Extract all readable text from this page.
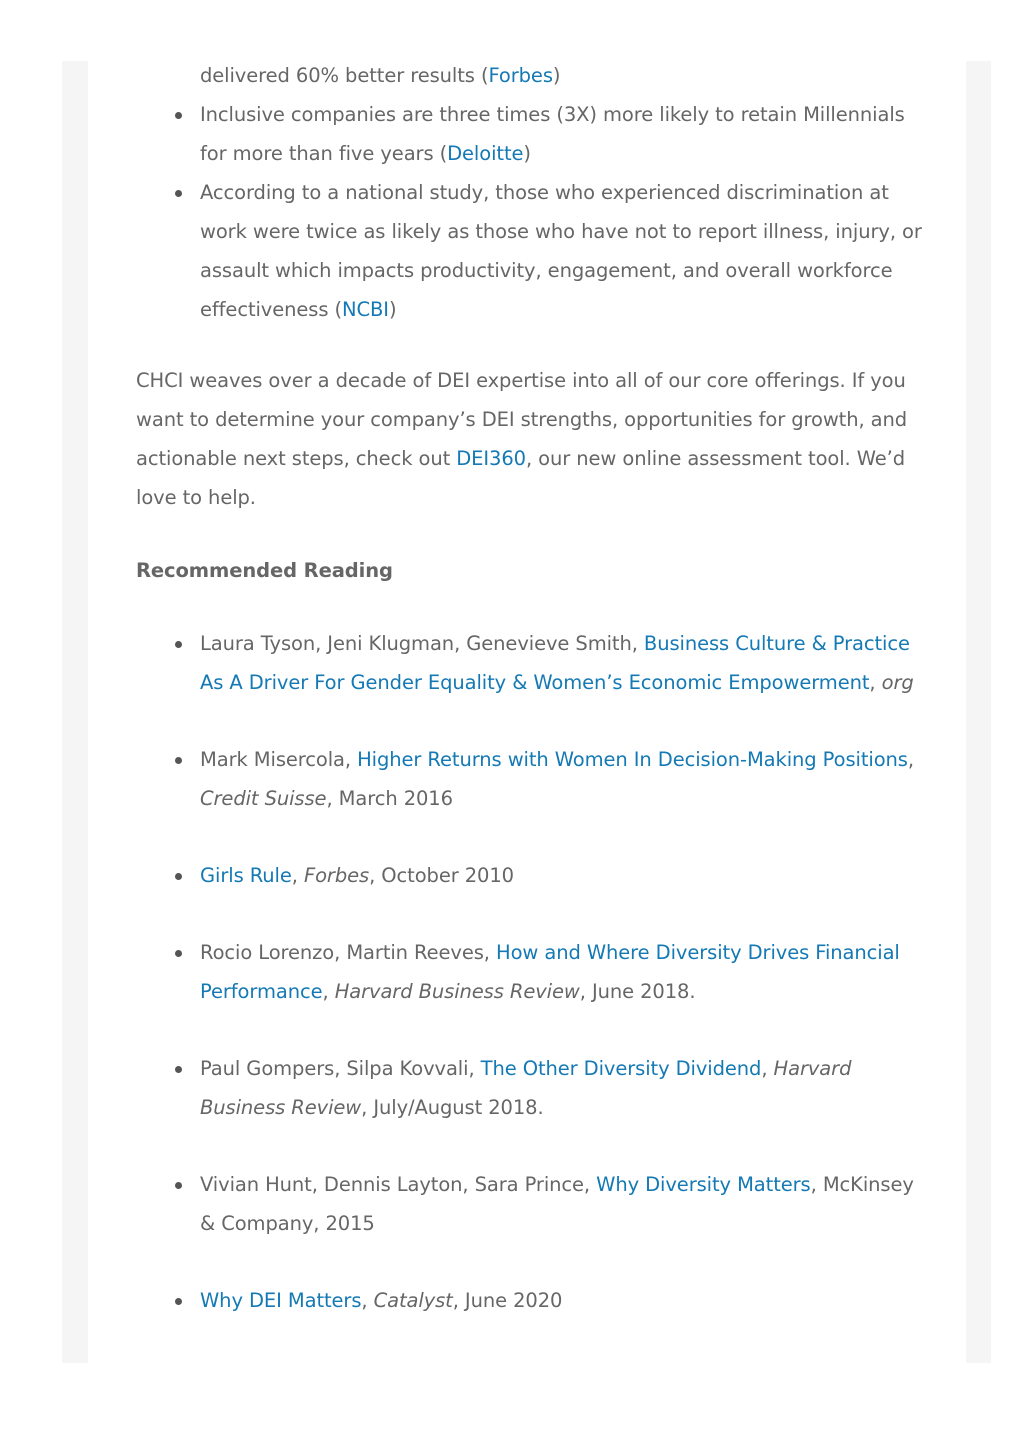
delivered 60% better results (Forbes)
Inclusive companies are three times (3X) more likely to retain Millennials for more than five years (Deloitte)
According to a national study, those who experienced discrimination at work were twice as likely as those who have not to report illness, injury, or assault which impacts productivity, engagement, and overall workforce effectiveness (NCBI)

CHCI weaves over a decade of DEI expertise into all of our core offerings. If you want to determine your company’s DEI strengths, opportunities for growth, and actionable next steps, check out DEI360, our new online assessment tool. We’d love to help.

Recommended Reading

Laura Tyson, Jeni Klugman, Genevieve Smith, Business Culture & Practice As A Driver For Gender Equality & Women’s Economic Empowerment, org
Mark Misercola, Higher Returns with Women In Decision-Making Positions, Credit Suisse, March 2016
Girls Rule, Forbes, October 2010
Rocio Lorenzo, Martin Reeves, How and Where Diversity Drives Financial Performance, Harvard Business Review, June 2018.
Paul Gompers, Silpa Kovvali, The Other Diversity Dividend, Harvard Business Review, July/August 2018.
Vivian Hunt, Dennis Layton, Sara Prince, Why Diversity Matters, McKinsey & Company, 2015
Why DEI Matters, Catalyst, June 2020
